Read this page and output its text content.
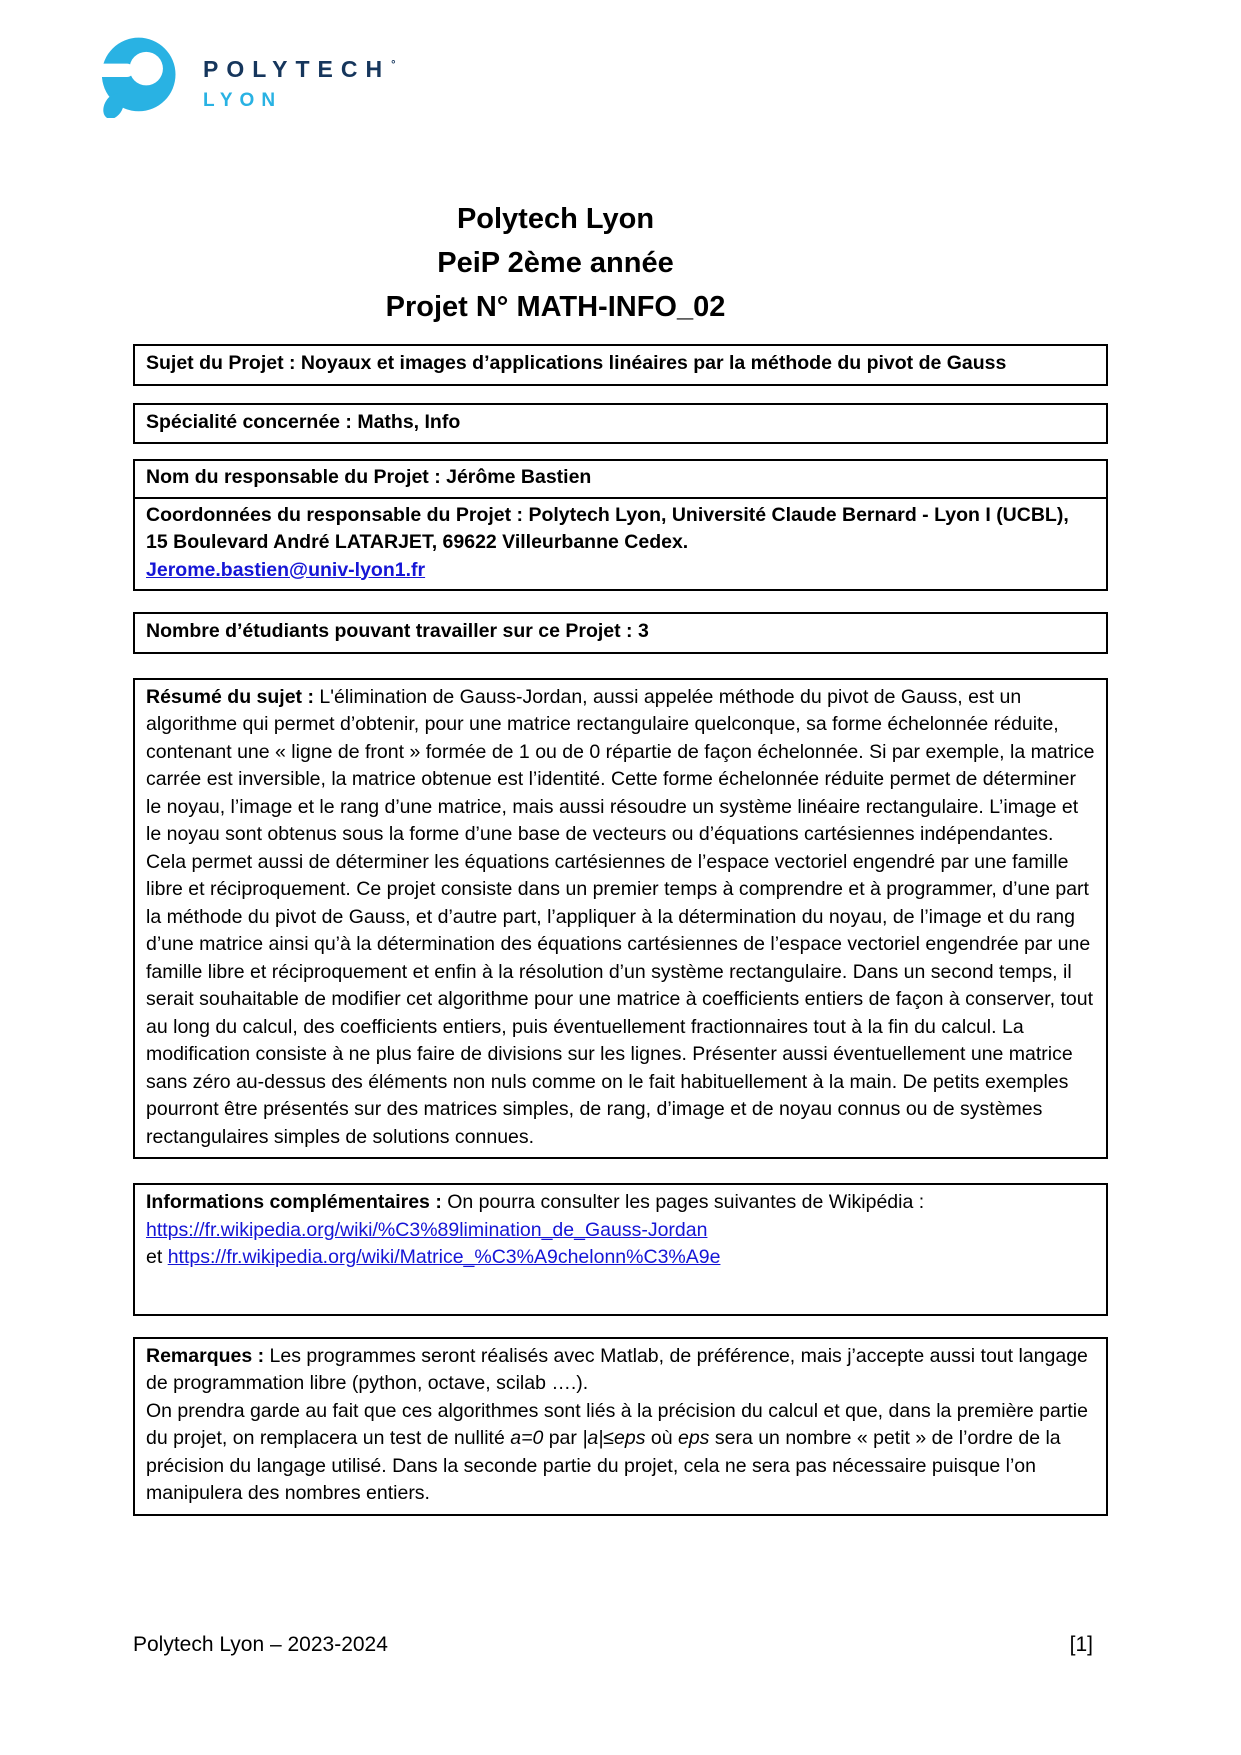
POLYTECH°
LYON
Polytech Lyon
PeiP 2ème année
Projet N° MATH-INFO_02

Sujet du Projet : Noyaux et images d’applications linéaires par la méthode du pivot de Gauss

Spécialité concernée : Maths, Info

Nom du responsable du Projet : Jérôme Bastien

Coordonnées du responsable du Projet : Polytech Lyon, Université Claude Bernard - Lyon I (UCBL), 15 Boulevard André LATARJET, 69622 Villeurbanne Cedex.
Jerome.bastien@univ-lyon1.fr

Nombre d’étudiants pouvant travailler sur ce Projet : 3

Résumé du sujet : L'élimination de Gauss-Jordan, aussi appelée méthode du pivot de Gauss, est un algorithme qui permet d’obtenir, pour une matrice rectangulaire quelconque, sa forme échelonnée réduite, contenant une « ligne de front » formée de 1 ou de 0 répartie de façon échelonnée. Si par exemple, la matrice carrée est inversible, la matrice obtenue est l’identité. Cette forme échelonnée réduite permet de déterminer le noyau, l’image et le rang d’une matrice, mais aussi résoudre un système linéaire rectangulaire. L’image et le noyau sont obtenus sous la forme d’une base de vecteurs ou d’équations cartésiennes indépendantes. Cela permet aussi de déterminer les équations cartésiennes de l’espace vectoriel engendré par une famille libre et réciproquement. Ce projet consiste dans un premier temps à comprendre et à programmer, d’une part la méthode du pivot de Gauss, et d’autre part, l’appliquer à la détermination du noyau, de l’image et du rang d’une matrice ainsi qu’à la détermination des équations cartésiennes de l’espace vectoriel engendrée par une famille libre et réciproquement et enfin à la résolution d’un système rectangulaire. Dans un second temps, il serait souhaitable de modifier cet algorithme pour une matrice à coefficients entiers de façon à conserver, tout au long du calcul, des coefficients entiers, puis éventuellement fractionnaires tout à la fin du calcul. La modification consiste à ne plus faire de divisions sur les lignes. Présenter aussi éventuellement une matrice sans zéro au-dessus des éléments non nuls comme on le fait habituellement à la main. De petits exemples pourront être présentés sur des matrices simples, de rang, d’image et de noyau connus ou de systèmes rectangulaires simples de solutions connues.

Informations complémentaires : On pourra consulter les pages suivantes de Wikipédia :
https://fr.wikipedia.org/wiki/%C3%89limination_de_Gauss-Jordan
et https://fr.wikipedia.org/wiki/Matrice_%C3%A9chelonn%C3%A9e

Remarques : Les programmes seront réalisés avec Matlab, de préférence, mais j’accepte aussi tout langage de programmation libre (python, octave, scilab ….).

On prendra garde au fait que ces algorithmes sont liés à la précision du calcul et que, dans la première partie du projet, on remplacera un test de nullité a=0 par |a|≤eps où eps sera un nombre « petit » de l’ordre de la précision du langage utilisé. Dans la seconde partie du projet, cela ne sera pas nécessaire puisque l’on manipulera des nombres entiers.

Polytech Lyon – 2023-2024	[1]
